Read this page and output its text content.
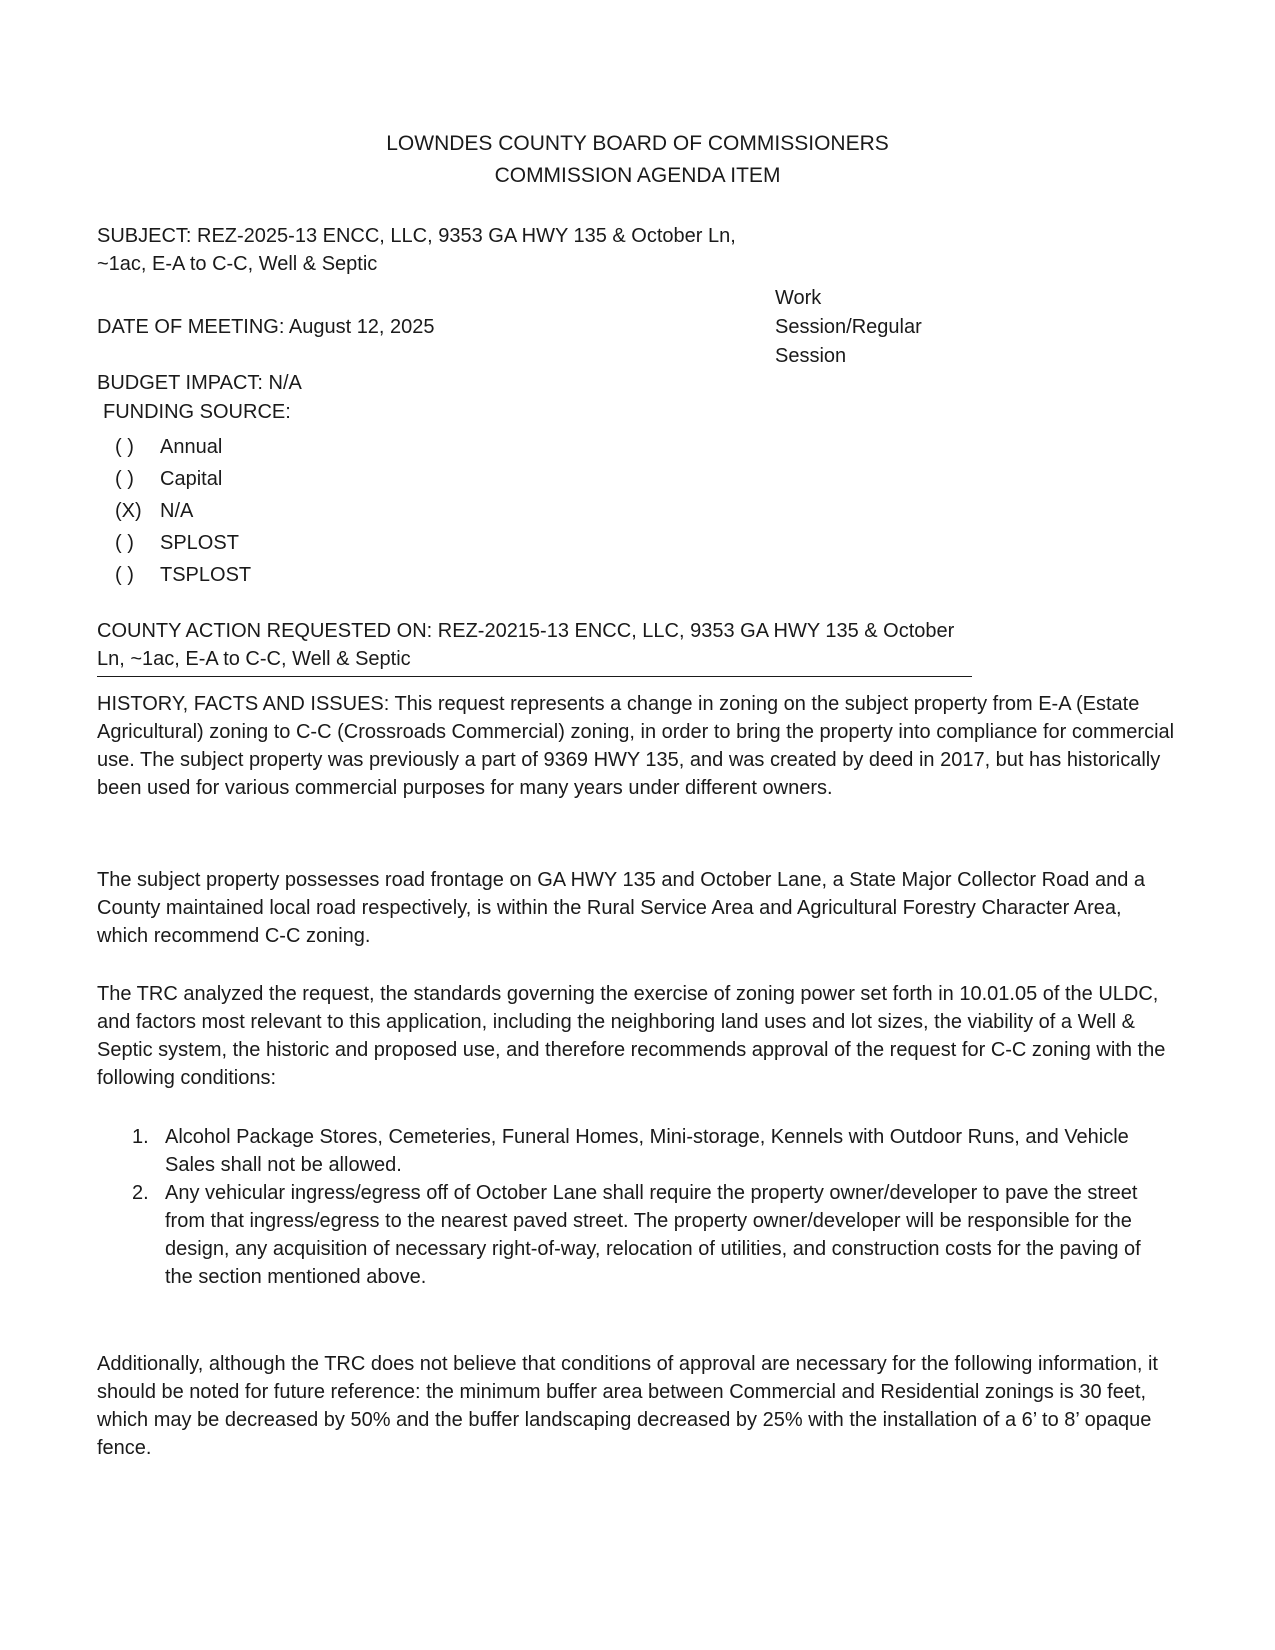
LOWNDES COUNTY BOARD OF COMMISSIONERS
COMMISSION AGENDA ITEM
SUBJECT: REZ-2025-13 ENCC, LLC, 9353 GA HWY 135 & October Ln, ~1ac, E-A to C-C, Well & Septic
Work
Session/Regular
Session
DATE OF MEETING: August 12, 2025
BUDGET IMPACT: N/A
FUNDING SOURCE:
( ) Annual
( ) Capital
(X) N/A
( ) SPLOST
( ) TSPLOST
COUNTY ACTION REQUESTED ON: REZ-20215-13 ENCC, LLC, 9353 GA HWY 135 & October Ln, ~1ac, E-A to C-C, Well & Septic

HISTORY, FACTS AND ISSUES: This request represents a change in zoning on the subject property from E-A (Estate Agricultural) zoning to C-C (Crossroads Commercial) zoning, in order to bring the property into compliance for commercial use. The subject property was previously a part of 9369 HWY 135, and was created by deed in 2017, but has historically been used for various commercial purposes for many years under different owners.

The subject property possesses road frontage on GA HWY 135 and October Lane, a State Major Collector Road and a County maintained local road respectively, is within the Rural Service Area and Agricultural Forestry Character Area, which recommend C-C zoning.

The TRC analyzed the request, the standards governing the exercise of zoning power set forth in 10.01.05 of the ULDC, and factors most relevant to this application, including the neighboring land uses and lot sizes, the viability of a Well & Septic system, the historic and proposed use, and therefore recommends approval of the request for C-C zoning with the following conditions:

1. Alcohol Package Stores, Cemeteries, Funeral Homes, Mini-storage, Kennels with Outdoor Runs, and Vehicle Sales shall not be allowed.
2. Any vehicular ingress/egress off of October Lane shall require the property owner/developer to pave the street from that ingress/egress to the nearest paved street. The property owner/developer will be responsible for the design, any acquisition of necessary right-of-way, relocation of utilities, and construction costs for the paving of the section mentioned above.

Additionally, although the TRC does not believe that conditions of approval are necessary for the following information, it should be noted for future reference: the minimum buffer area between Commercial and Residential zonings is 30 feet, which may be decreased by 50% and the buffer landscaping decreased by 25% with the installation of a 6’ to 8’ opaque fence.
